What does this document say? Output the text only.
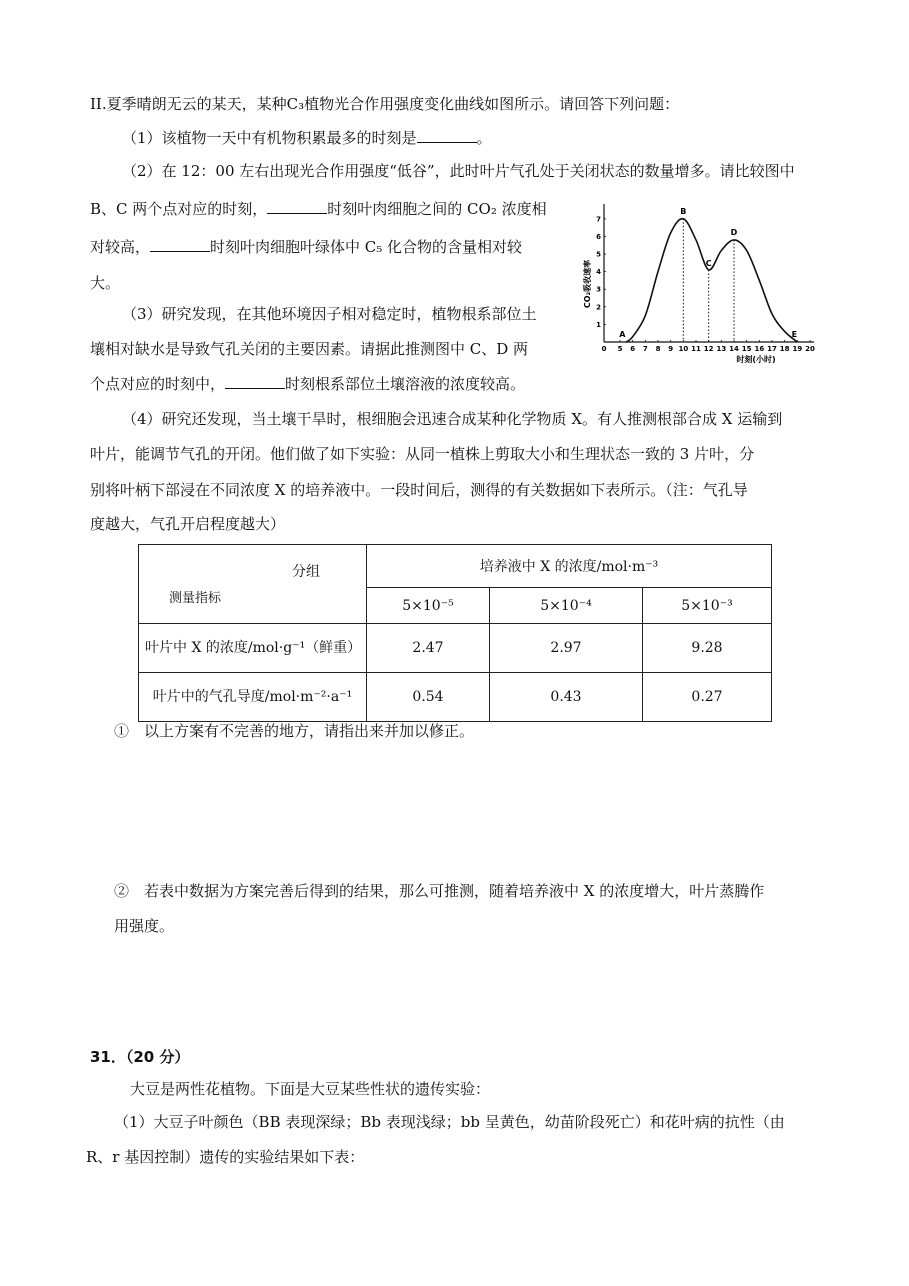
II.夏季晴朗无云的某天，某种C₃植物光合作用强度变化曲线如图所示。请回答下列问题：
（1）该植物一天中有机物积累最多的时刻是	。
（2）在 12：00 左右出现光合作用强度“低谷”，此时叶片气孔处于关闭状态的数量增多。请比较图中
B、C 两个点对应的时刻，	时刻叶肉细胞之间的 CO₂ 浓度相
对较高，	时刻叶肉细胞叶绿体中 C₅ 化合物的含量相对较
大。
（3）研究发现，在其他环境因子相对稳定时，植物根系部位土
壤相对缺水是导致气孔关闭的主要因素。请据此推测图中 C、D 两
个点对应的时刻中，	时刻根系部位土壤溶液的浓度较高。
（4）研究还发现，当土壤干旱时，根细胞会迅速合成某种化学物质 X。有人推测根部合成 X 运输到
叶片，能调节气孔的开闭。他们做了如下实验：从同一植株上剪取大小和生理状态一致的 3 片叶，分
别将叶柄下部浸在不同浓度 X 的培养液中。一段时间后，测得的有关数据如下表所示。（注：气孔导
度越大，气孔开启程度越大）
0 5 6 7 8 9 10 11 12 13 14 15 16 17 18 19 20
1
2
3
4
5
6
7
A
B
C
D
E
CO₂吸收速率
时刻(小时)
分组
测量指标	培养液中 X 的浓度/mol·m⁻³		
	5×10⁻⁵	5×10⁻⁴	5×10⁻³
叶片中 X 的浓度/mol·g⁻¹（鲜重）	2.47	2.97	9.28
叶片中的气孔导度/mol·m⁻²·a⁻¹	0.54	0.43	0.27
①　以上方案有不完善的地方，请指出来并加以修正。
②　若表中数据为方案完善后得到的结果，那么可推测，随着培养液中 X 的浓度增大，叶片蒸腾作
用强度。
31．（20 分）
大豆是两性花植物。下面是大豆某些性状的遗传实验：
（1）大豆子叶颜色（BB 表现深绿；Bb 表现浅绿；bb 呈黄色，幼苗阶段死亡）和花叶病的抗性（由
R、r 基因控制）遗传的实验结果如下表：
